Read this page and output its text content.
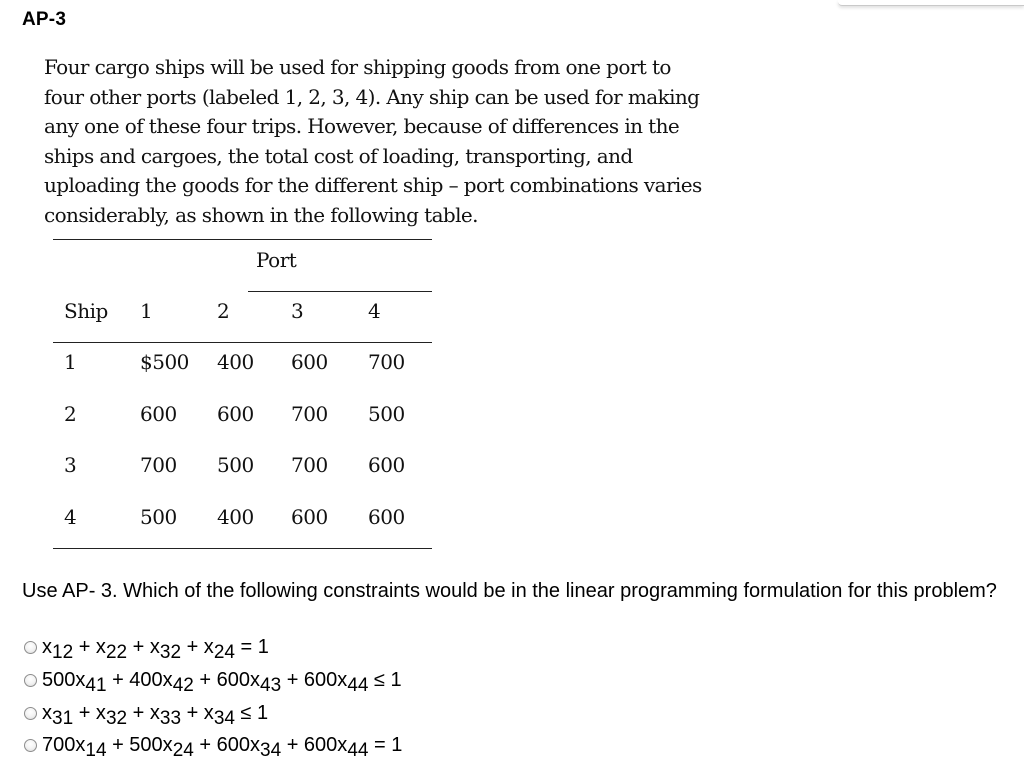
AP-3
Four cargo ships will be used for shipping goods from one port to
four other ports (labeled 1, 2, 3, 4). Any ship can be used for making
any one of these four trips. However, because of differences in the
ships and cargoes, the total cost of loading, transporting, and
uploading the goods for the different ship – port combinations varies
considerably, as shown in the following table.
Port
Ship 1	2	3	4
1	$500 400 600 700
2	600 600 700 500
3	700 500 700 600
4	500 400 600 600
Use AP- 3. Which of the following constraints would be in the linear programming formulation for this problem?
$x_{12} + x_{22} + x_{32} + x_{24} = 1$
$500x_{41} + 400x_{42} + 600x_{43} + 600x_{44} \le 1$
$x_{31} + x_{32} + x_{33} + x_{34} \le 1$
$700x_{14} + 500x_{24} + 600x_{34} + 600x_{44} = 1$
